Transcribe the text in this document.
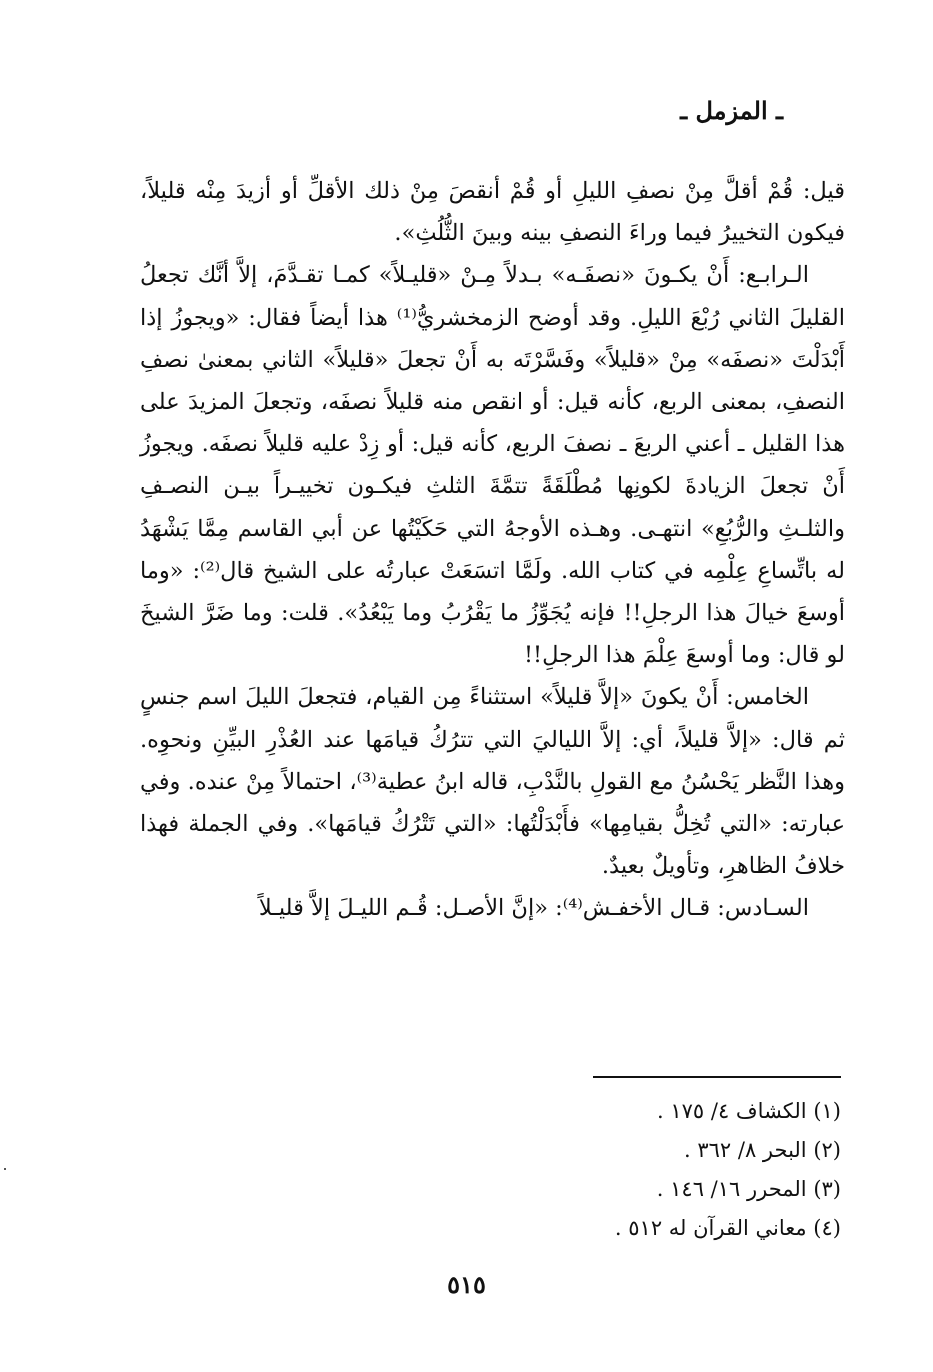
ـ المزمل ـ

قيل: قُمْ أقلَّ مِنْ نصفِ الليلِ أو قُمْ أنقصَ مِنْ ذلك الأقلِّ أو أزيدَ مِنْه قليلاً، فيكون التخييرُ فيما وراءَ النصفِ بينه وبينَ الثُّلُثِ».

الـرابـع: أَنْ يكـونَ «نصفَـه» بـدلاً مِـنْ «قليـلاً» كمـا تقـدَّمَ، إلاَّ أنَّك تجعلُ القليلَ الثاني رُبْعَ الليلِ. وقد أوضح الزمخشريُّ⁽¹⁾ هذا أيضاً فقال: «ويجوزُ إذا أَبْدَلْتَ «نصفَه» مِنْ «قليلاً» وفَسَّرْتَه به أَنْ تجعلَ «قليلاً» الثاني بمعنىٰ نصفِ النصفِ، بمعنى الربع، كأنه قيل: أو انقص منه قليلاً نصفَه، وتجعلَ المزيدَ على هذا القليل ـ أعني الربعَ ـ نصفَ الربع، كأنه قيل: أو زِدْ عليه قليلاً نصفَه. ويجوزُ أَنْ تجعلَ الزيادةَ لكونِها مُطْلَقَةً تتمَّةَ الثلثِ فيكـون تخييـراً بيـن النصـفِ والثلـثِ والرُّبُعِ» انتهـى. وهـذه الأوجهُ التي حَكَيْتُها عن أبي القاسم مِمَّا يَشْهَدُ له باتِّساعِ عِلْمِه في كتاب الله. ولَمَّا اتسَعَتْ عبارتُه على الشيخ قال⁽²⁾: «وما أوسعَ خيالَ هذا الرجلِ!! فإنه يُجَوِّزُ ما يَقْرُبُ وما يَبْعُدُ». قلت: وما ضَرَّ الشيخَ لو قال: وما أوسعَ عِلْمَ هذا الرجلِ!!

الخامس: أَنْ يكونَ «إلاَّ قليلاً» استثناءً مِن القيام، فتجعلَ الليلَ اسم جنسٍ ثم قال: «إلاَّ قليلاً، أي: إلاَّ اللياليَ التي تترُكُ قيامَها عند العُذْرِ البيِّنِ ونحوِه. وهذا النَّظر يَحْسُنُ مع القولِ بالنَّدْبِ، قاله ابنُ عطية⁽³⁾، احتمالاً مِنْ عنده. وفي عبارته: «التي تُخِلُّ بقيامِها» فأَبْدَلْتُها: «التي تَتْرُكُ قيامَها». وفي الجملة فهذا خلافُ الظاهرِ، وتأويلٌ بعيدٌ.

السـادس: قـال الأخفـش⁽⁴⁾: «إنَّ الأصـل: قُـم الليـلَ إلاَّ قليـلاً

(١) الكشاف ٤/ ١٧٥ .
(٢) البحر ٨/ ٣٦٢ .
(٣) المحرر ١٦/ ١٤٦ .
(٤) معاني القرآن له ٥١٢ .
٥١٥
